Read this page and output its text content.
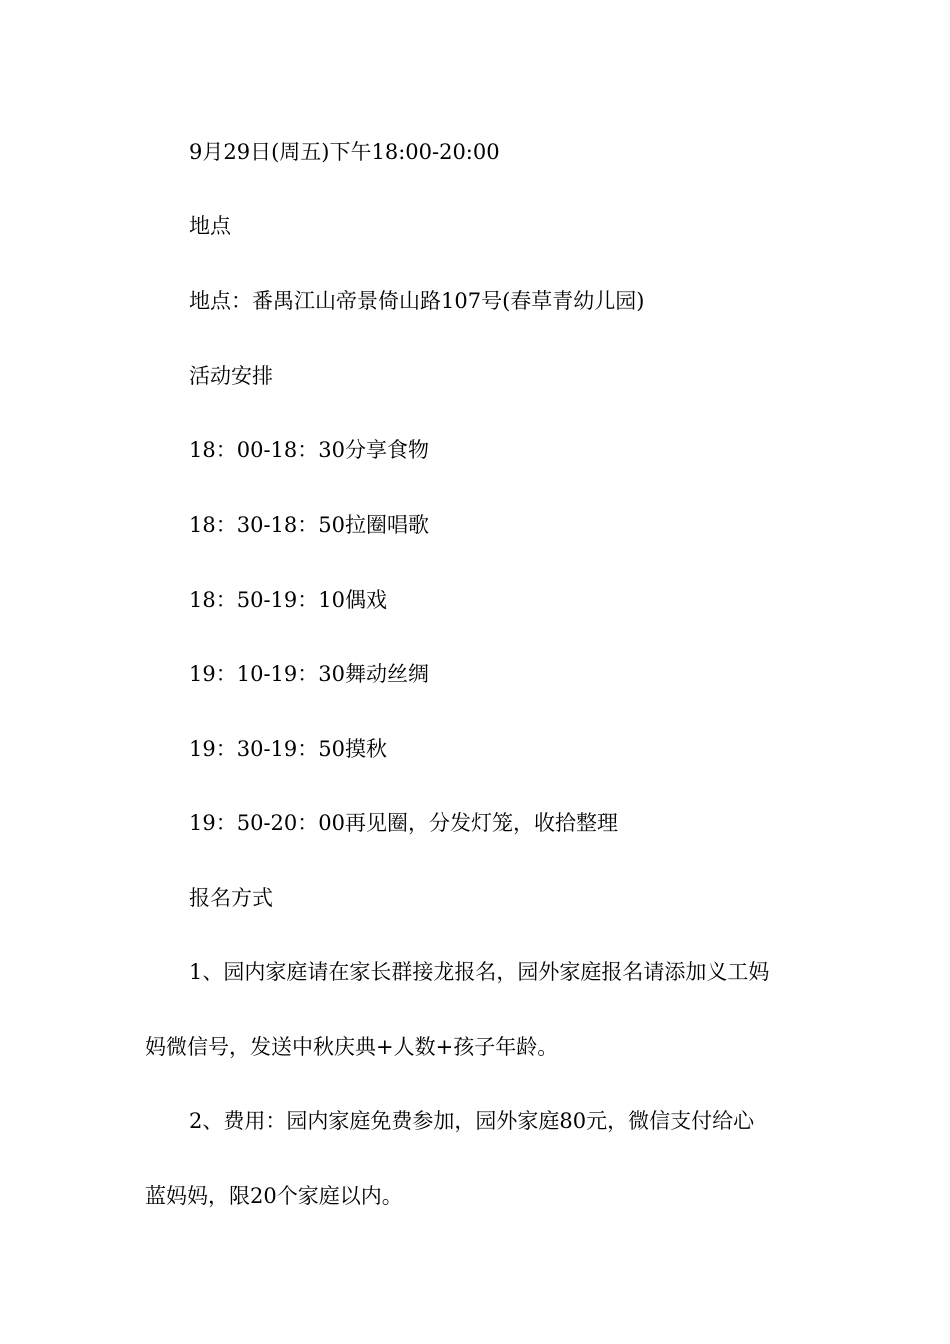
9月29日(周五)下午18:00-20:00

地点

地点：番禺江山帝景倚山路107号(春草青幼儿园)

活动安排

18：00-18：30分享食物

18：30-18：50拉圈唱歌

18：50-19：10偶戏

19：10-19：30舞动丝绸

19：30-19：50摸秋

19：50-20：00再见圈，分发灯笼，收拾整理

报名方式

1、园内家庭请在家长群接龙报名，园外家庭报名请添加义工妈

妈微信号，发送中秋庆典+人数+孩子年龄。

2、费用：园内家庭免费参加，园外家庭80元，微信支付给心

蓝妈妈，限20个家庭以内。
